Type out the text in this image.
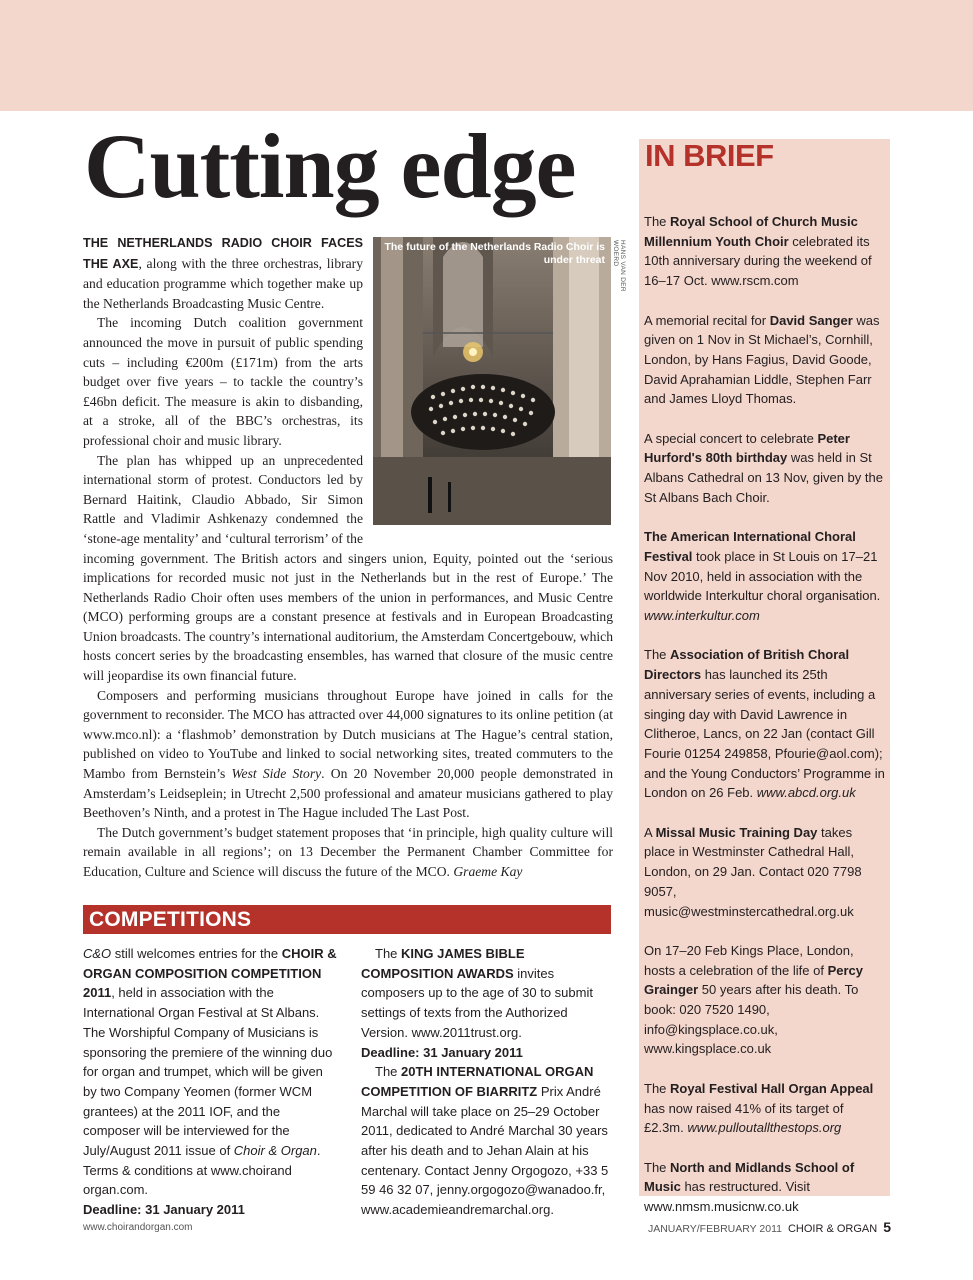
Cutting edge
HANS VAN DER WOERD
The future of the Netherlands Radio Choir is under threat

THE NETHERLANDS RADIO CHOIR FACES THE AXE, along with the three orchestras, library and education programme which together make up the Netherlands Broadcasting Music Centre.

The incoming Dutch coalition government announced the move in pursuit of public spending cuts – including €200m (£171m) from the arts budget over five years – to tackle the country’s £46bn deficit. The measure is akin to disbanding, at a stroke, all of the BBC’s orchestras, its professional choir and music library.

The plan has whipped up an unprecedented international storm of protest. Conductors led by Bernard Haitink, Claudio Abbado, Sir Simon Rattle and Vladimir Ashkenazy condemned the ‘stone-age mentality’ and ‘cultural terrorism’ of the incoming government. The British actors and singers union, Equity, pointed out the ‘serious implications for recorded music not just in the Netherlands but in the rest of Europe.’ The Netherlands Radio Choir often uses members of the union in performances, and Music Centre (MCO) performing groups are a constant presence at festivals and in European Broadcasting Union broadcasts. The country’s international auditorium, the Amsterdam Concertgebouw, which hosts concert series by the broadcasting ensembles, has warned that closure of the music centre will jeopardise its own financial future.

Composers and performing musicians throughout Europe have joined in calls for the government to reconsider. The MCO has attracted over 44,000 signatures to its online petition (at www.mco.nl): a ‘flashmob’ demonstration by Dutch musicians at The Hague’s central station, published on video to YouTube and linked to social networking sites, treated commuters to the Mambo from Bernstein’s West Side Story. On 20 November 20,000 people demonstrated in Amsterdam’s Leidseplein; in Utrecht 2,500 professional and amateur musicians gathered to play Beethoven’s Ninth, and a protest in The Hague included The Last Post.

The Dutch government’s budget statement proposes that ‘in principle, high quality culture will remain available in all regions’; on 13 December the Permanent Chamber Committee for Education, Culture and Science will discuss the future of the MCO. Graeme Kay

IN BRIEF
The Royal School of Church Music Millennium Youth Choir celebrated its 10th anniversary during the weekend of 16–17 Oct. www.rscm.com
A memorial recital for David Sanger was given on 1 Nov in St Michael’s, Cornhill, London, by Hans Fagius, David Goode, David Aprahamian Liddle, Stephen Farr and James Lloyd Thomas.
A special concert to celebrate Peter Hurford's 80th birthday was held in St Albans Cathedral on 13 Nov, given by the St Albans Bach Choir.
The American International Choral Festival took place in St Louis on 17–21 Nov 2010, held in association with the worldwide Interkultur choral organisation. www.interkultur.com
The Association of British Choral Directors has launched its 25th anniversary series of events, including a singing day with David Lawrence in Clitheroe, Lancs, on 22 Jan (contact Gill Fourie 01254 249858, Pfourie@aol.com); and the Young Conductors’ Programme in London on 26 Feb. www.abcd.org.uk
A Missal Music Training Day takes place in Westminster Cathedral Hall, London, on 29 Jan. Contact 020 7798 9057, music@westminstercathedral.org.uk
On 17–20 Feb Kings Place, London, hosts a celebration of the life of Percy Grainger 50 years after his death. To book: 020 7520 1490, info@kingsplace.co.uk, www.kingsplace.co.uk
The Royal Festival Hall Organ Appeal has now raised 41% of its target of £2.3m. www.pulloutallthestops.org
The North and Midlands School of Music has restructured. Visit www.nmsm.musicnw.co.uk
COMPETITIONS

C&O still welcomes entries for the CHOIR & ORGAN COMPOSITION COMPETITION 2011, held in association with the International Organ Festival at St Albans. The Worshipful Company of Musicians is sponsoring the premiere of the winning duo for organ and trumpet, which will be given by two Company Yeomen (former WCM grantees) at the 2011 IOF, and the composer will be interviewed for the July/August 2011 issue of Choir & Organ. Terms & conditions at www.choirand organ.com.

Deadline: 31 January 2011

The KING JAMES BIBLE COMPOSITION AWARDS invites composers up to the age of 30 to submit settings of texts from the Authorized Version. www.2011trust.org.

Deadline: 31 January 2011

The 20TH INTERNATIONAL ORGAN COMPETITION OF BIARRITZ Prix André Marchal will take place on 25–29 October 2011, dedicated to André Marchal 30 years after his death and to Jehan Alain at his centenary. Contact Jenny Orgogozo, +33 5 59 46 32 07, jenny.orgogozo@wanadoo.fr, www.academieandremarchal.org.

www.choirandorgan.com	JANUARY/FEBRUARY 2011 CHOIR & ORGAN 5
